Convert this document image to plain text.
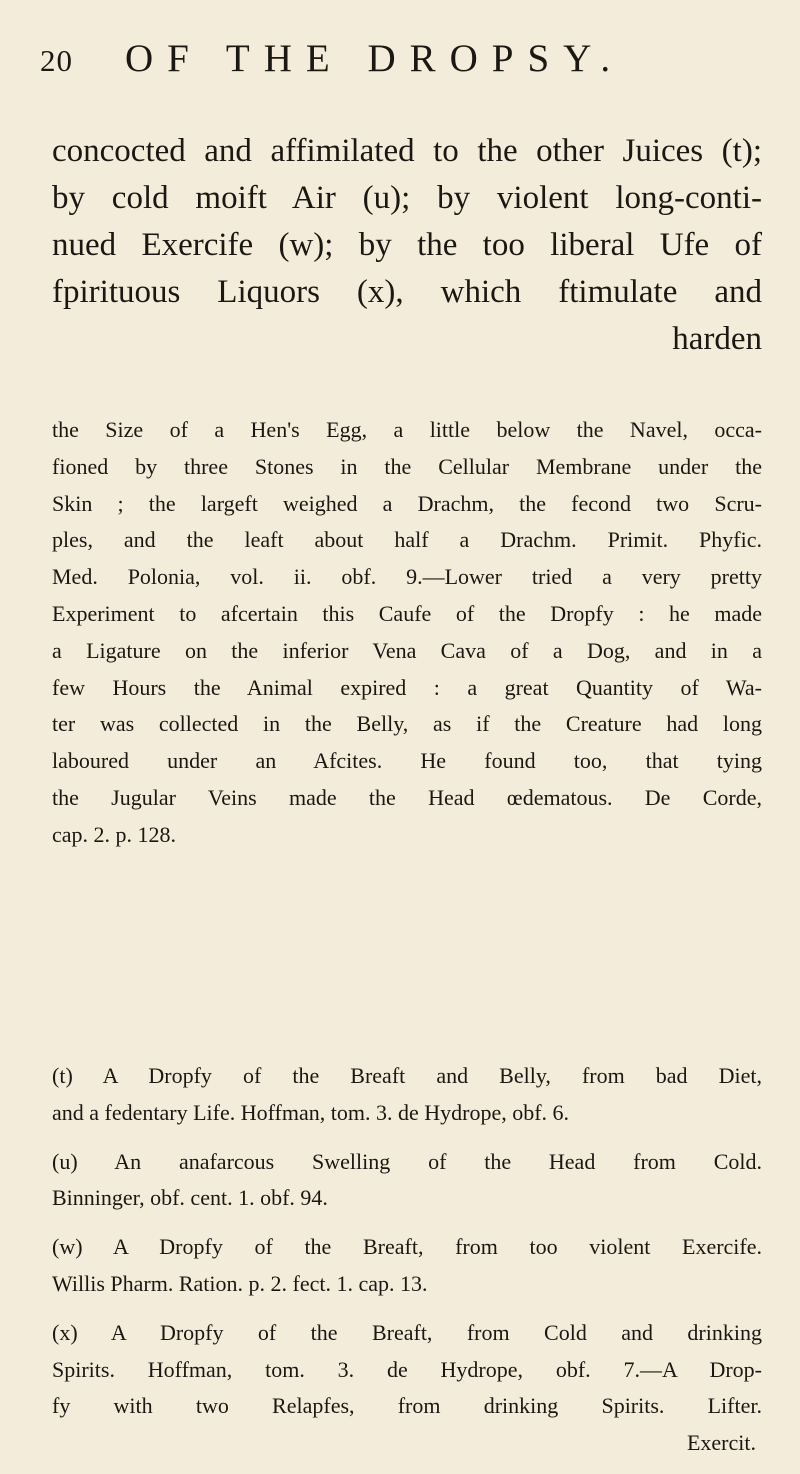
20 OF THE DROPSY.
concocted and affimilated to the other Juices (t);
by cold moift Air (u); by violent long-conti-
nued Exercife (w); by the too liberal Ufe of
fpirituous Liquors (x), which ftimulate and
harden
the Size of a Hen's Egg, a little below the Navel, occa-
fioned by three Stones in the Cellular Membrane under the
Skin ; the largeft weighed a Drachm, the fecond two Scru-
ples, and the leaft about half a Drachm. Primit. Phyfic.
Med. Polonia, vol. ii. obf. 9.—Lower tried a very pretty
Experiment to afcertain this Caufe of the Dropfy : he made
a Ligature on the inferior Vena Cava of a Dog, and in a
few Hours the Animal expired : a great Quantity of Wa-
ter was collected in the Belly, as if the Creature had long
laboured under an Afcites. He found too, that tying
the Jugular Veins made the Head œdematous. De Corde,
cap. 2. p. 128.
(t) A Dropfy of the Breaft and Belly, from bad Diet,
and a fedentary Life. Hoffman, tom. 3. de Hydrope, obf. 6.
(u) An anafarcous Swelling of the Head from Cold.
Binninger, obf. cent. 1. obf. 94.
(w) A Dropfy of the Breaft, from too violent Exercife.
Willis Pharm. Ration. p. 2. fect. 1. cap. 13.
(x) A Dropfy of the Breaft, from Cold and drinking
Spirits. Hoffman, tom. 3. de Hydrope, obf. 7.—A Drop-
fy with two Relapfes, from drinking Spirits. Lifter.
Exercit.
